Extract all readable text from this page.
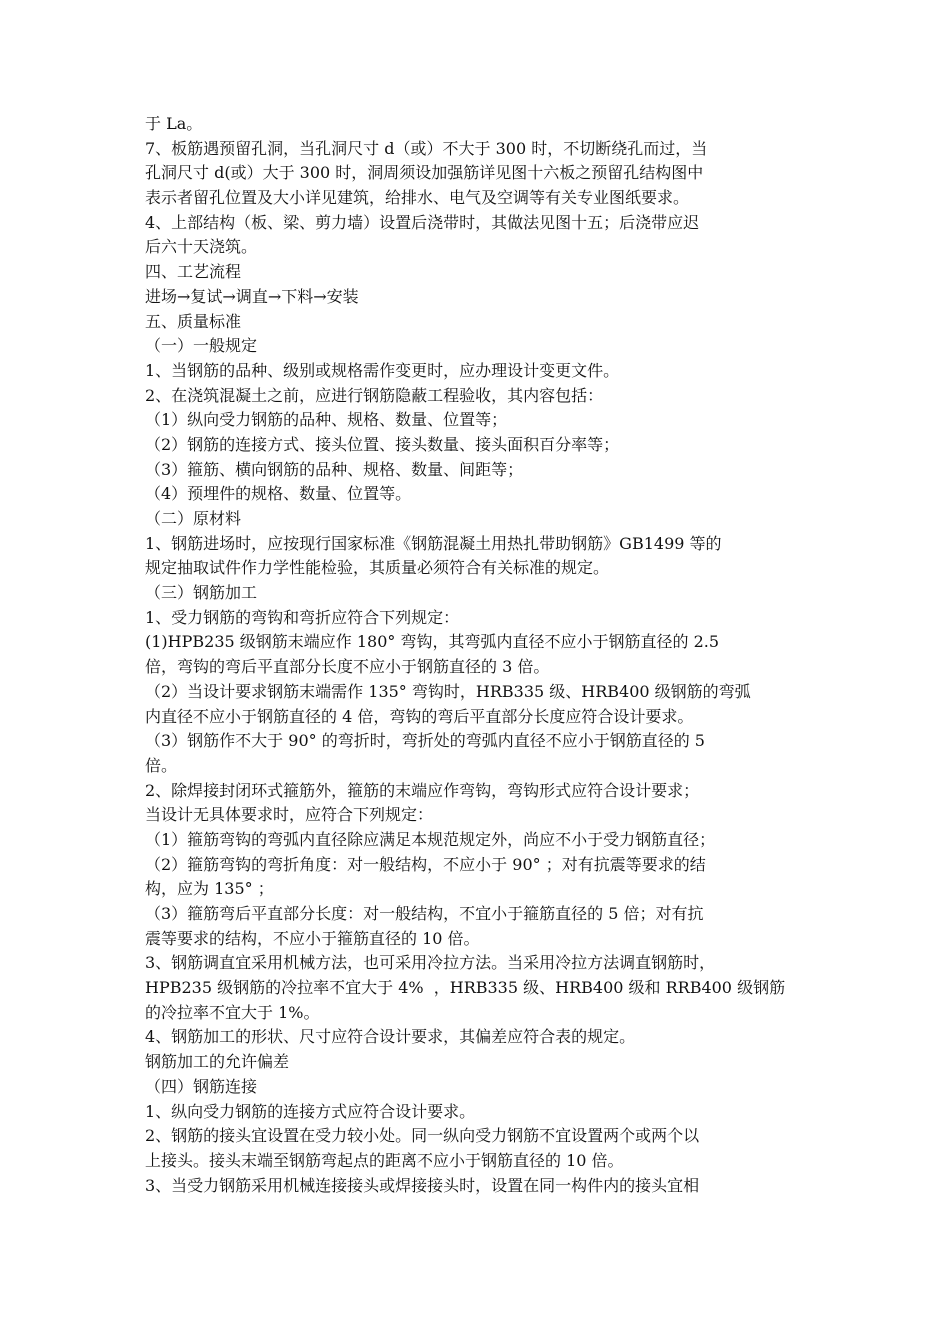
于 La。
7、板筋遇预留孔洞，当孔洞尺寸 d（或）不大于 300 时，不切断绕孔而过，当
孔洞尺寸 d(或）大于 300 时，洞周须设加强筋详见图十六板之预留孔结构图中
表示者留孔位置及大小详见建筑，给排水、电气及空调等有关专业图纸要求。
4、上部结构（板、梁、剪力墙）设置后浇带时，其做法见图十五；后浇带应迟
后六十天浇筑。
四、工艺流程
进场→复试→调直→下料→安装
五、质量标准
（一）一般规定
1、当钢筋的品种、级别或规格需作变更时，应办理设计变更文件。
2、在浇筑混凝土之前，应进行钢筋隐蔽工程验收，其内容包括：
（1）纵向受力钢筋的品种、规格、数量、位置等；
（2）钢筋的连接方式、接头位置、接头数量、接头面积百分率等；
（3）箍筋、横向钢筋的品种、规格、数量、间距等；
（4）预埋件的规格、数量、位置等。
（二）原材料
1、钢筋进场时，应按现行国家标准《钢筋混凝土用热扎带助钢筋》GB1499 等的
规定抽取试件作力学性能检验，其质量必须符合有关标准的规定。
（三）钢筋加工
1、受力钢筋的弯钩和弯折应符合下列规定：
(1)HPB235 级钢筋末端应作 180° 弯钩，其弯弧内直径不应小于钢筋直径的 2.5
倍，弯钩的弯后平直部分长度不应小于钢筋直径的 3 倍。
（2）当设计要求钢筋末端需作 135° 弯钩时，HRB335 级、HRB400 级钢筋的弯弧
内直径不应小于钢筋直径的 4 倍，弯钩的弯后平直部分长度应符合设计要求。
（3）钢筋作不大于 90° 的弯折时，弯折处的弯弧内直径不应小于钢筋直径的 5
倍。
2、除焊接封闭环式箍筋外，箍筋的末端应作弯钩，弯钩形式应符合设计要求；
当设计无具体要求时，应符合下列规定：
（1）箍筋弯钩的弯弧内直径除应满足本规范规定外，尚应不小于受力钢筋直径；
（2）箍筋弯钩的弯折角度：对一般结构，不应小于 90° ；对有抗震等要求的结
构，应为 135° ；
（3）箍筋弯后平直部分长度：对一般结构，不宜小于箍筋直径的 5 倍；对有抗
震等要求的结构，不应小于箍筋直径的 10 倍。
3、钢筋调直宜采用机械方法，也可采用冷拉方法。当采用冷拉方法调直钢筋时，
HPB235 级钢筋的冷拉率不宜大于 4%  ，HRB335 级、HRB400 级和 RRB400 级钢筋
的冷拉率不宜大于 1%。
4、钢筋加工的形状、尺寸应符合设计要求，其偏差应符合表的规定。
钢筋加工的允许偏差
（四）钢筋连接
1、纵向受力钢筋的连接方式应符合设计要求。
2、钢筋的接头宜设置在受力较小处。同一纵向受力钢筋不宜设置两个或两个以
上接头。接头末端至钢筋弯起点的距离不应小于钢筋直径的 10 倍。
3、当受力钢筋采用机械连接接头或焊接接头时，设置在同一构件内的接头宜相
